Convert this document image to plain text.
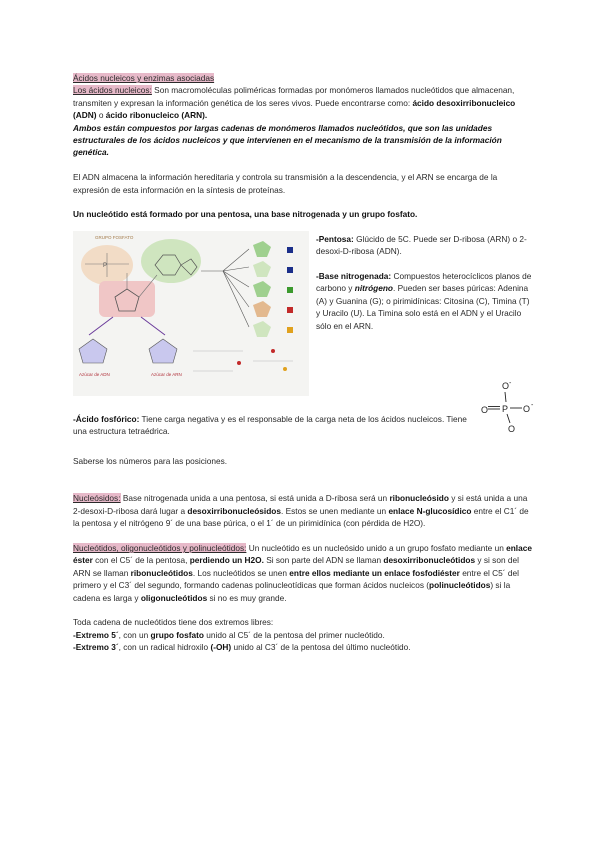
Ácidos nucleicos y enzimas asociadas

Los ácidos nucleicos: Son macromoléculas poliméricas formadas por monómeros llamados nucleótidos que almacenan, transmiten y expresan la información genética de los seres vivos. Puede encontrarse como: ácido desoxirribonucleico (ADN) o ácido ribonucleico (ARN).

Ambos están compuestos por largas cadenas de monómeros llamados nucleótidos, que son las unidades estructurales de los ácidos nucleicos y que intervienen en el mecanismo de la transmisión de la información genética.

El ADN almacena la información hereditaria y controla su transmisión a la descendencia, y el ARN se encarga de la expresión de esta información en la síntesis de proteínas.

Un nucleótido está formado por una pentosa, una base nitrogenada y un grupo fosfato.

GRUPO FOSFATO
P
Azúcar de ADN	Azúcar de ARN

-Pentosa: Glúcido de 5C. Puede ser D-ribosa (ARN) o 2-desoxi-D-ribosa (ADN).

-Base nitrogenada: Compuestos heterocíclicos planos de carbono y nitrógeno. Pueden ser bases púricas: Adenina (A) y Guanina (G); o pirimidínicas: Citosina (C), Timina (T) y Uracilo (U). La Timina solo está en el ADN y el Uracilo sólo en el ARN.

-Ácido fosfórico: Tiene carga negativa y es el responsable de la carga neta de los ácidos nucleicos. Tiene una estructura tetraédrica.

O -
O P O -
O

Saberse los números para las posiciones.

Nucleósidos: Base nitrogenada unida a una pentosa, si está unida a D-ribosa será un ribonucleósido y si está unida a una 2-desoxi-D-ribosa dará lugar a desoxirribonucleósidos. Estos se unen mediante un enlace N-glucosídico entre el C1´ de la pentosa y el nitrógeno 9´ de una base púrica, o el 1´ de un pirimidínica (con pérdida de H2O).

Nucleótidos, oligonucleótidos y polinucleótidos: Un nucleótido es un nucleósido unido a un grupo fosfato mediante un enlace éster con el C5´ de la pentosa, perdiendo un H2O. Si son parte del ADN se llaman desoxirribonucleótidos y si son del ARN se llaman ribonucleótidos. Los nucleótidos se unen entre ellos mediante un enlace fosfodiéster entre el C5´ del primero y el C3´ del segundo, formando cadenas polinucleotídicas que forman ácidos nucleicos (polinucleótidos) si la cadena es larga y oligonucleótidos si no es muy grande.

Toda cadena de nucleótidos tiene dos extremos libres:

-Extremo 5´, con un grupo fosfato unido al C5´ de la pentosa del primer nucleótido.

-Extremo 3´, con un radical hidroxilo (-OH) unido al C3´ de la pentosa del último nucleótido.
